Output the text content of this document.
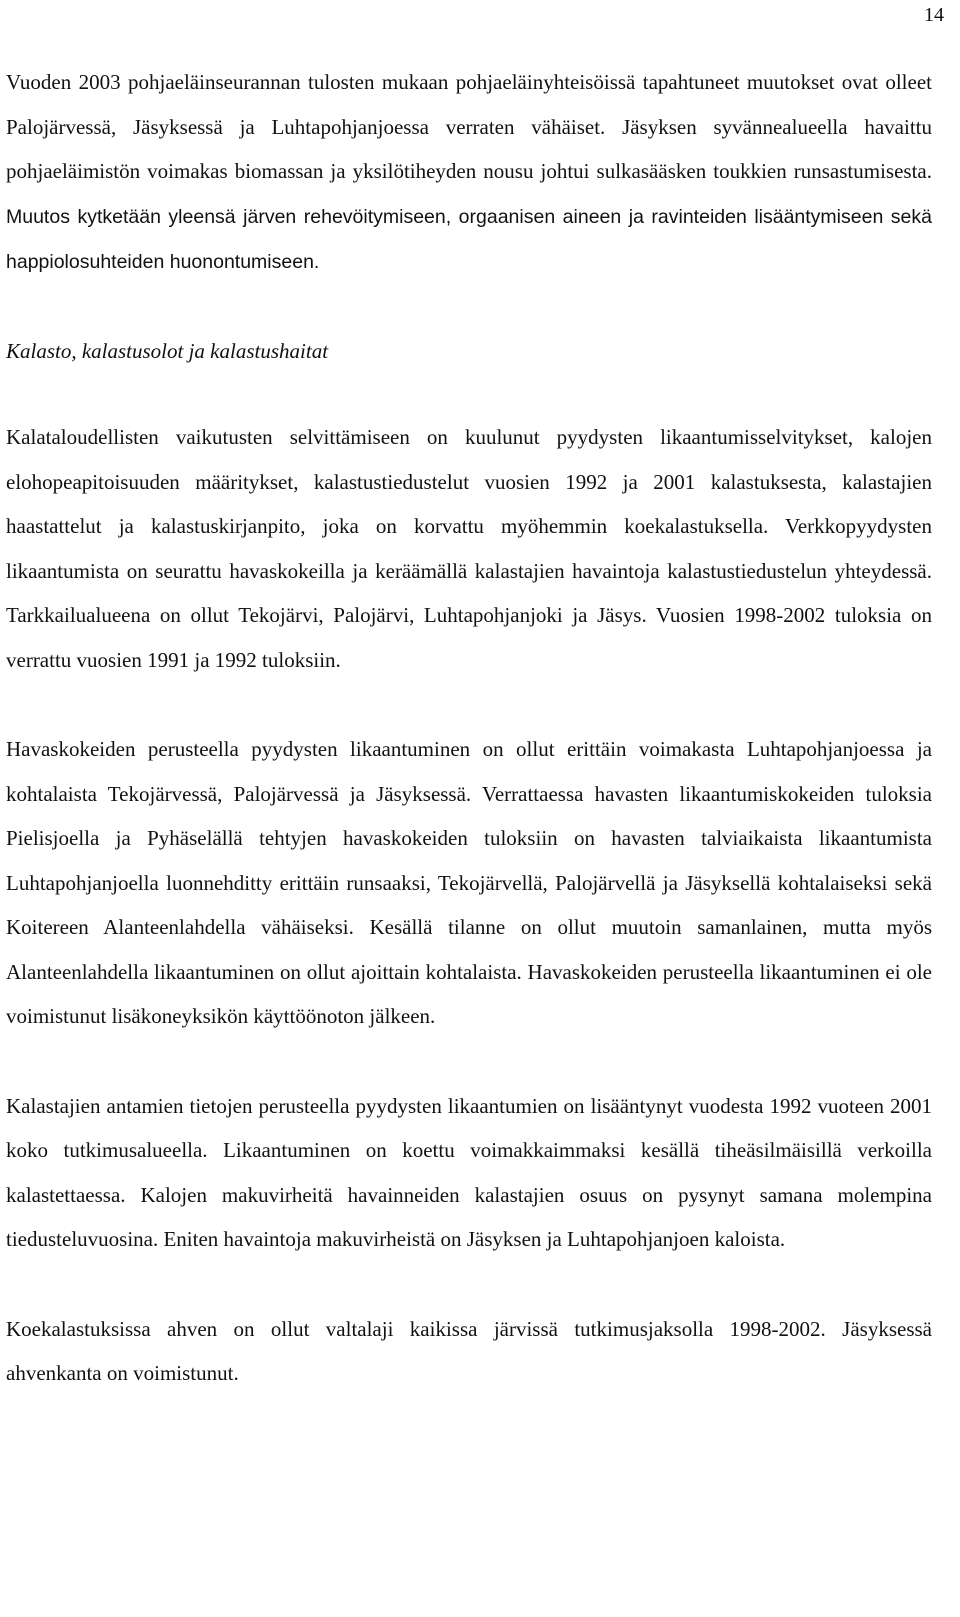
14

Vuoden 2003 pohjaeläinseurannan tulosten mukaan pohjaeläinyhteisöissä tapahtuneet muutokset ovat olleet Palojärvessä, Jäsyksessä ja Luhtapohjanjoessa verraten vähäiset. Jäsyksen syvännealueella havaittu pohjaeläimistön voimakas biomassan ja yksilötiheyden nousu johtui sulkasääsken toukkien runsastumisesta. Muutos kytketään yleensä järven rehevöitymiseen, orgaanisen aineen ja ravinteiden lisääntymiseen sekä happiolosuhteiden huonontumiseen.

Kalasto, kalastusolot ja kalastushaitat

Kalataloudellisten vaikutusten selvittämiseen on kuulunut pyydysten likaantumisselvitykset, kalojen elohopeapitoisuuden määritykset, kalastustiedustelut vuosien 1992 ja 2001 kalastuksesta, kalastajien haastattelut ja kalastuskirjanpito, joka on korvattu myöhemmin koekalastuksella. Verkkopyydysten likaantumista on seurattu havaskokeilla ja keräämällä kalastajien havaintoja kalastustiedustelun yhteydessä. Tarkkailualueena on ollut Tekojärvi, Palojärvi, Luhtapohjanjoki ja Jäsys. Vuosien 1998-2002 tuloksia on verrattu vuosien 1991 ja 1992 tuloksiin.

Havaskokeiden perusteella pyydysten likaantuminen on ollut erittäin voimakasta Luhtapohjanjoessa ja kohtalaista Tekojärvessä, Palojärvessä ja Jäsyksessä. Verrattaessa havasten likaantumiskokeiden tuloksia Pielisjoella ja Pyhäselällä tehtyjen havaskokeiden tuloksiin on havasten talviaikaista likaantumista Luhtapohjanjoella luonnehditty erittäin runsaaksi, Tekojärvellä, Palojärvellä ja Jäsyksellä kohtalaiseksi sekä Koitereen Alanteenlahdella vähäiseksi. Kesällä tilanne on ollut muutoin samanlainen, mutta myös Alanteenlahdella likaantuminen on ollut ajoittain kohtalaista. Havaskokeiden perusteella likaantuminen ei ole voimistunut lisäkoneyksikön käyttöönoton jälkeen.

Kalastajien antamien tietojen perusteella pyydysten likaantumien on lisääntynyt vuodesta 1992 vuoteen 2001 koko tutkimusalueella. Likaantuminen on koettu voimakkaimmaksi kesällä tiheäsilmäisillä verkoilla kalastettaessa. Kalojen makuvirheitä havainneiden kalastajien osuus on pysynyt samana molempina tiedusteluvuosina. Eniten havaintoja makuvirheistä on Jäsyksen ja Luhtapohjanjoen kaloista.

Koekalastuksissa ahven on ollut valtalaji kaikissa järvissä tutkimusjaksolla 1998-2002. Jäsyksessä ahvenkanta on voimistunut.
